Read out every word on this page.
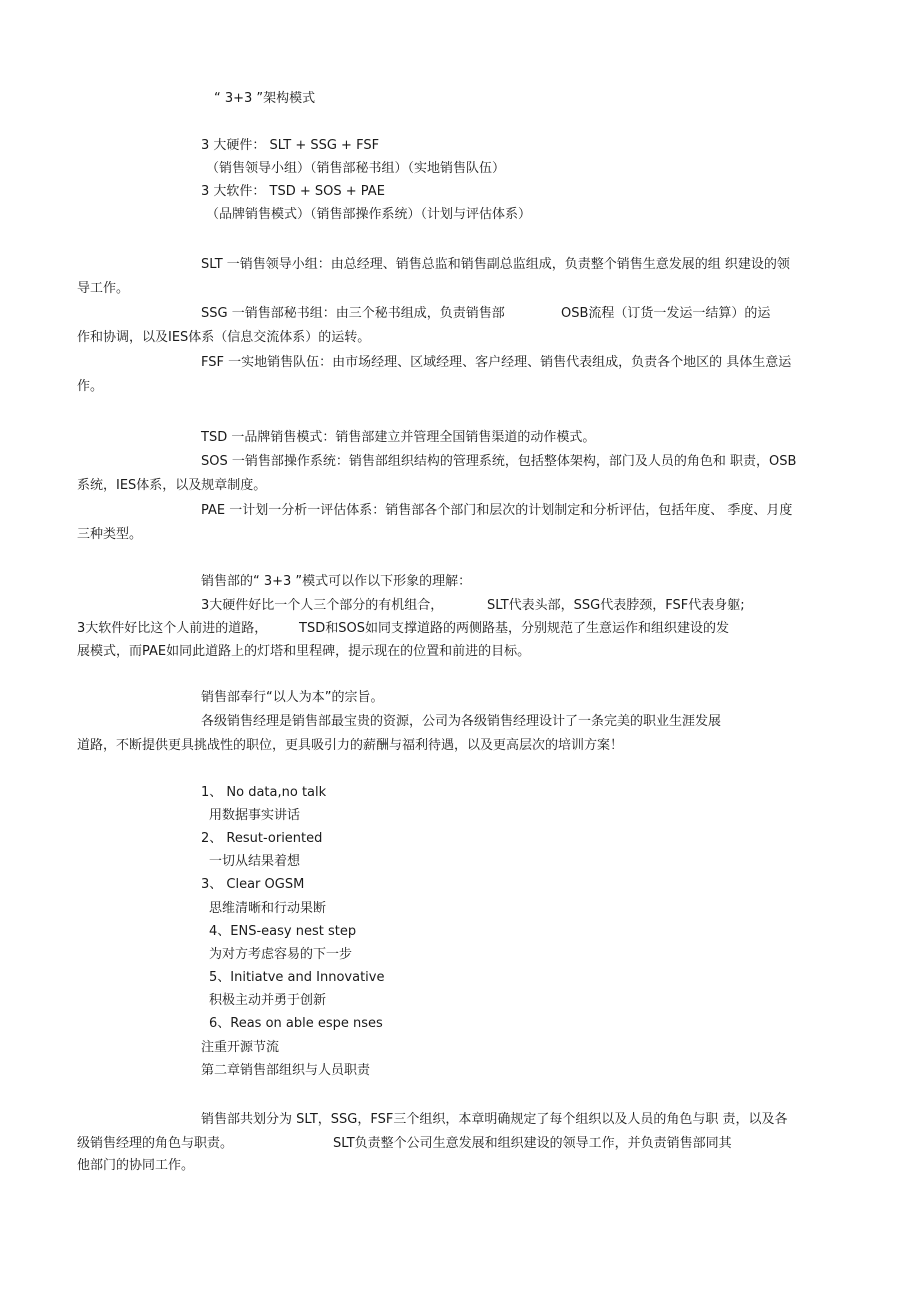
“ 3+3 ”架构模式
3 大硬件： SLT + SSG + FSF
（销售领导小组）（销售部秘书组）（实地销售队伍）
3 大软件： TSD + SOS + PAE
（品牌销售模式）（销售部操作系统）（计划与评估体系）
SLT 一销售领导小组：由总经理、销售总监和销售副总监组成，负责整个销售生意发展的组 织建设的领
导工作。
SSG 一销售部秘书组：由三个秘书组成，负责销售部	OSB流程（订货一发运一结算）的运
作和协调，以及IES体系（信息交流体系）的运转。
FSF 一实地销售队伍：由市场经理、区域经理、客户经理、销售代表组成，负责各个地区的 具体生意运
作。
TSD 一品牌销售模式：销售部建立并管理全国销售渠道的动作模式。
SOS 一销售部操作系统：销售部组织结构的管理系统，包括整体架构，部门及人员的角色和 职责，OSB
系统，IES体系，以及规章制度。
PAE 一计划一分析一评估体系：销售部各个部门和层次的计划制定和分析评估，包括年度、 季度、月度
三种类型。
销售部的“ 3+3 ”模式可以作以下形象的理解：
3大硬件好比一个人三个部分的有机组合，	SLT代表头部，SSG代表脖颈，FSF代表身躯;
3大软件好比这个人前进的道路， TSD和SOS如同支撑道路的两侧路基，分别规范了生意运作和组织建设的发
展模式，而PAE如同此道路上的灯塔和里程碑，提示现在的位置和前进的目标。
销售部奉行“以人为本”的宗旨。
各级销售经理是销售部最宝贵的资源，公司为各级销售经理设计了一条完美的职业生涯发展
道路，不断提供更具挑战性的职位，更具吸引力的薪酬与福利待遇，以及更高层次的培训方案！
1、 No data,no talk
用数据事实讲话
2、 Resut-oriented
一切从结果着想
3、 Clear OGSM
思维清晰和行动果断
4、ENS-easy nest step
为对方考虑容易的下一步
5、Initiatve and Innovative
积极主动并勇于创新
6、Reas on able espe nses
注重开源节流
第二章销售部组织与人员职责
销售部共划分为 SLT，SSG，FSF三个组织，本章明确规定了每个组织以及人员的角色与职 责，以及各
级销售经理的角色与职责。	SLT负责整个公司生意发展和组织建设的领导工作，并负责销售部同其
他部门的协同工作。
